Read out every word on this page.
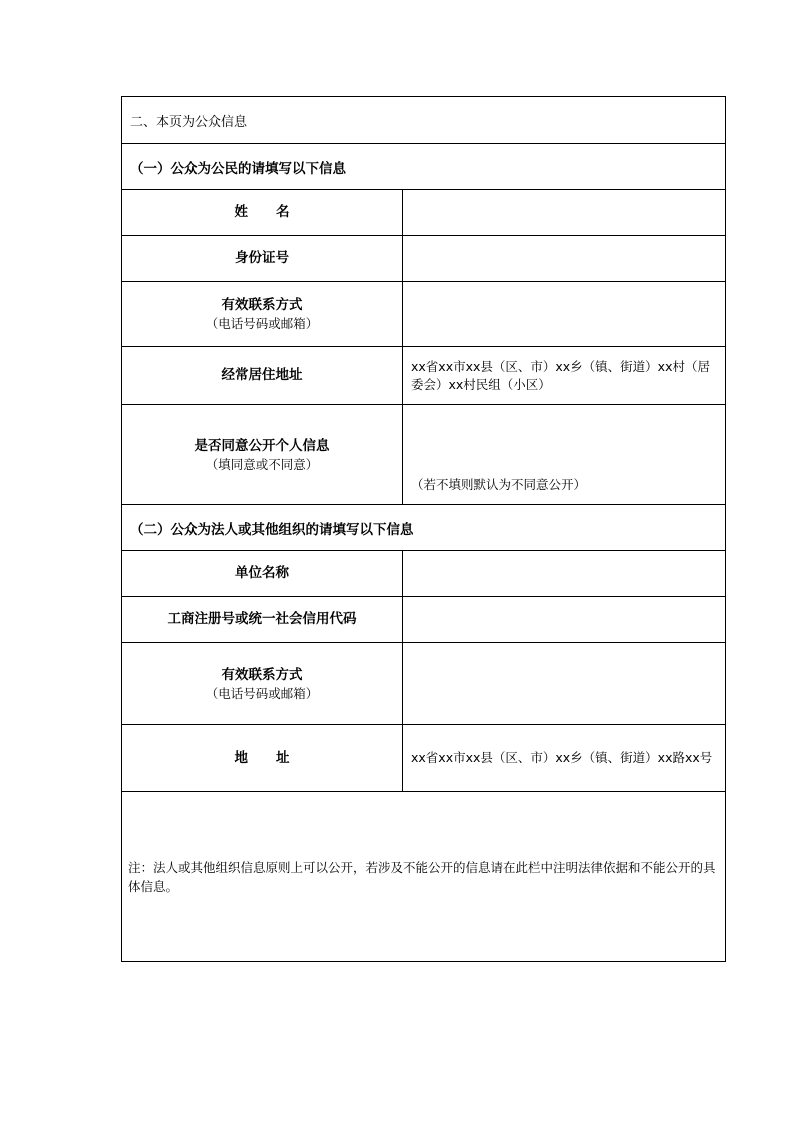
二、本页为公众信息	
（一）公众为公民的请填写以下信息	
姓 名	
身份证号	
有效联系方式
（电话号码或邮箱）	

经常居住地址	xx省xx市xx县（区、市）xx乡（镇、街道）xx村（居委会）xx村民组（小区）
是否同意公开个人信息
（填同意或不同意）	（若不填则默认为不同意公开）
（二）公众为法人或其他组织的请填写以下信息	
单位名称	
工商注册号或统一社会信用代码	
有效联系方式
（电话号码或邮箱）	

地 址	xx省xx市xx县（区、市）xx乡（镇、街道）xx路xx号
注：法人或其他组织信息原则上可以公开，若涉及不能公开的信息请在此栏中注明法律依据和不能公开的具体信息。	
